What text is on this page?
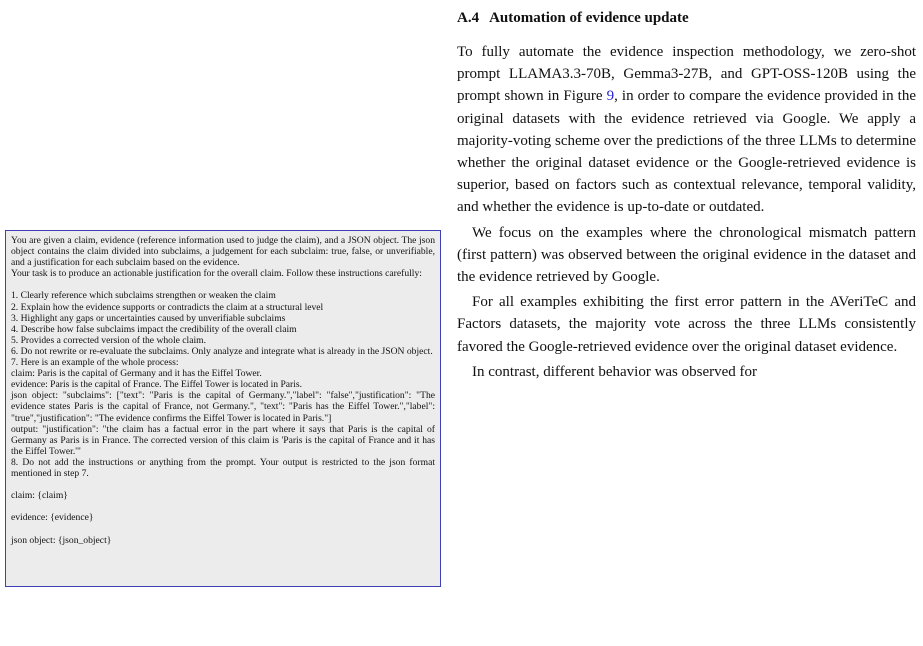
You are given a claim, evidence (reference information used to judge the claim), and a JSON object. The json object contains the claim divided into subclaims, a judgement for each subclaim: true, false, or unverifiable, and a justification for each subclaim based on the evidence.
Your task is to produce an actionable justification for the overall claim. Follow these instructions carefully:
1. Clearly reference which subclaims strengthen or weaken the claim
2. Explain how the evidence supports or contradicts the claim at a structural level
3. Highlight any gaps or uncertainties caused by unverifiable subclaims
4. Describe how false subclaims impact the credibility of the overall claim
5. Provides a corrected version of the whole claim.
6. Do not rewrite or re-evaluate the subclaims. Only analyze and integrate what is already in the JSON object.
7. Here is an example of the whole process:
claim: Paris is the capital of Germany and it has the Eiffel Tower.
evidence: Paris is the capital of France. The Eiffel Tower is located in Paris.
json object: "subclaims": ["text": "Paris is the capital of Germany.","label": "false","justification": "The evidence states Paris is the capital of France, not Germany.", "text": "Paris has the Eiffel Tower.","label": "true","justification": "The evidence confirms the Eiffel Tower is located in Paris."]
output: "justification": "the claim has a factual error in the part where it says that Paris is the capital of Germany as Paris is in France. The corrected version of this claim is 'Paris is the capital of France and it has the Eiffel Tower.'"
8. Do not add the instructions or anything from the prompt. Your output is restricted to the json format mentioned in step 7.
claim: {claim}
evidence: {evidence}
json object: {json_object}
A.4 Automation of evidence update

To fully automate the evidence inspection methodology, we zero-shot prompt LLAMA3.3-70B, Gemma3-27B, and GPT-OSS-120B using the prompt shown in Figure 9, in order to compare the evidence provided in the original datasets with the evidence retrieved via Google. We apply a majority-voting scheme over the predictions of the three LLMs to determine whether the original dataset evidence or the Google-retrieved evidence is superior, based on factors such as contextual relevance, temporal validity, and whether the evidence is up-to-date or outdated.

We focus on the examples where the chronological mismatch pattern (first pattern) was observed between the original evidence in the dataset and the evidence retrieved by Google.

For all examples exhibiting the first error pattern in the AVeriTeC and Factors datasets, the majority vote across the three LLMs consistently favored the Google-retrieved evidence over the original dataset evidence.

In contrast, different behavior was observed for
